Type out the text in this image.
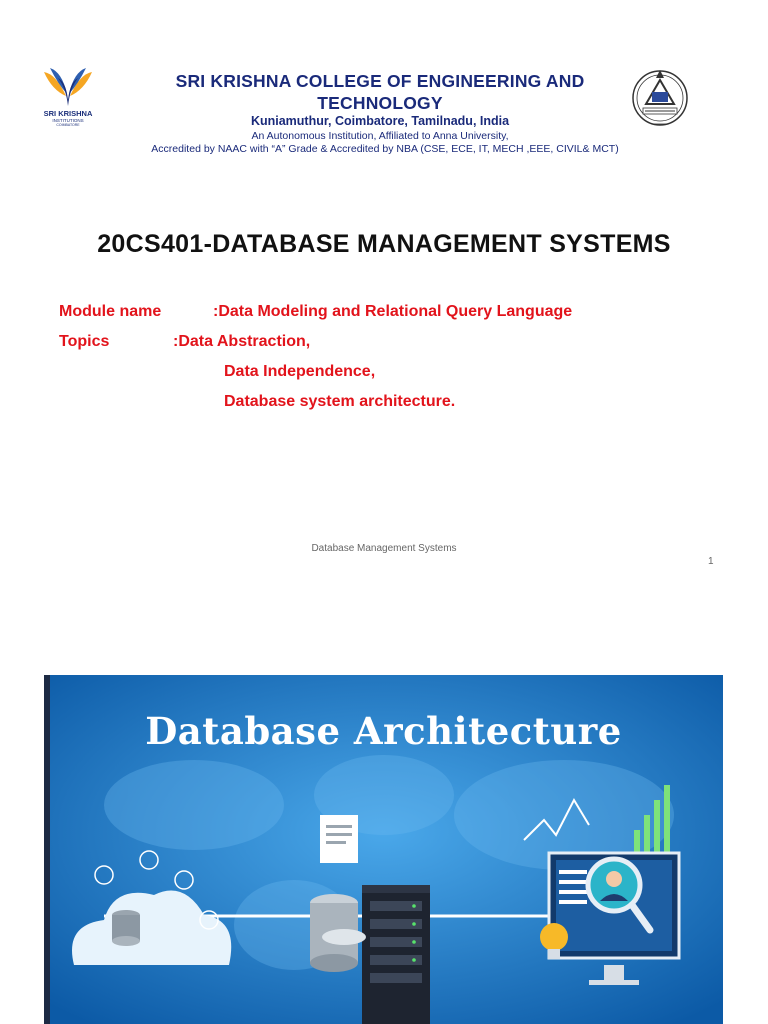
SRI KRISHNA
INSTITUTIONS
COIMBATORE
SRI KRISHNA COLLEGE OF ENGINEERING AND
TECHNOLOGY
Kuniamuthur, Coimbatore, Tamilnadu, India
An Autonomous Institution, Affiliated to Anna University,
Accredited by NAAC with “A” Grade & Accredited by NBA (CSE, ECE, IT, MECH ,EEE, CIVIL& MCT)
20CS401-DATABASE MANAGEMENT SYSTEMS
Module name	:Data Modeling and Relational Query Language
Topics	:Data Abstraction,
Data Independence,
Database system architecture.
Database Management Systems
1
Database Architecture
